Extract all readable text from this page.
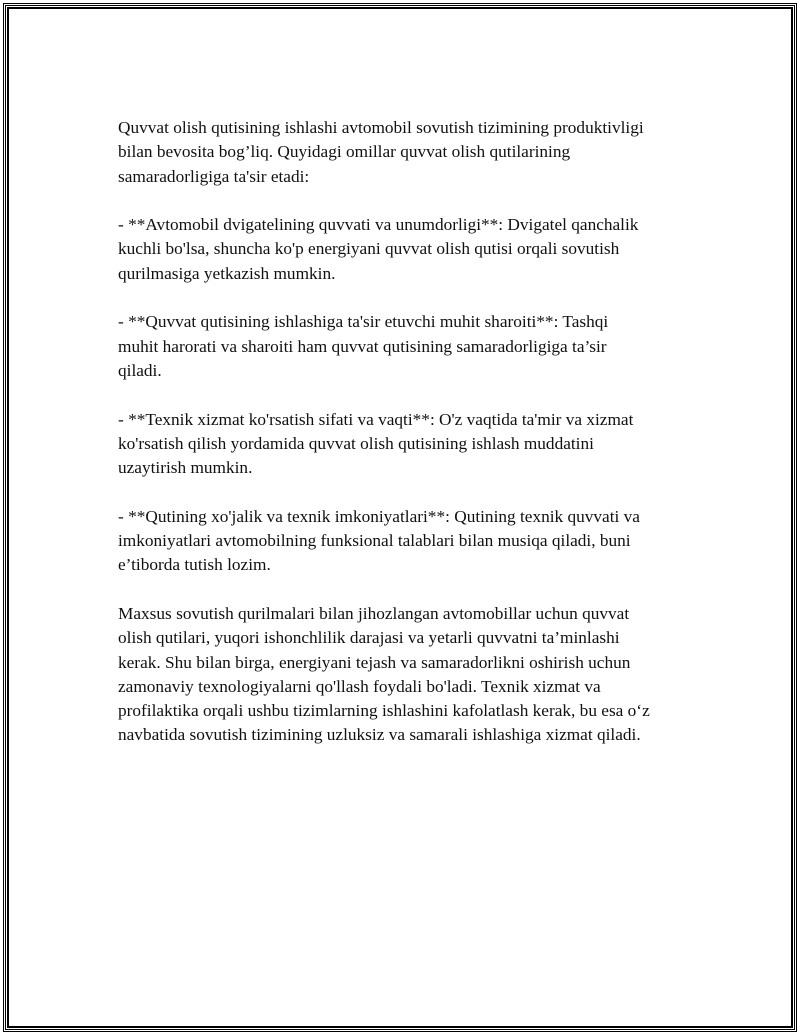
Quvvat olish qutisining ishlashi avtomobil sovutish tizimining produktivligi
bilan bevosita bog’liq. Quyidagi omillar quvvat olish qutilarining
samaradorligiga ta'sir etadi:

- **Avtomobil dvigatelining quvvati va unumdorligi**: Dvigatel qanchalik
kuchli bo'lsa, shuncha ko'p energiyani quvvat olish qutisi orqali sovutish
qurilmasiga yetkazish mumkin.

- **Quvvat qutisining ishlashiga ta'sir etuvchi muhit sharoiti**: Tashqi
muhit harorati va sharoiti ham quvvat qutisining samaradorligiga ta’sir
qiladi.

- **Texnik xizmat ko'rsatish sifati va vaqti**: O'z vaqtida ta'mir va xizmat
ko'rsatish qilish yordamida quvvat olish qutisining ishlash muddatini
uzaytirish mumkin.

- **Qutining xo'jalik va texnik imkoniyatlari**: Qutining texnik quvvati va
imkoniyatlari avtomobilning funksional talablari bilan musiqa qiladi, buni
e’tiborda tutish lozim.

Maxsus sovutish qurilmalari bilan jihozlangan avtomobillar uchun quvvat
olish qutilari, yuqori ishonchlilik darajasi va yetarli quvvatni ta’minlashi
kerak. Shu bilan birga, energiyani tejash va samaradorlikni oshirish uchun
zamonaviy texnologiyalarni qo'llash foydali bo'ladi. Texnik xizmat va
profilaktika orqali ushbu tizimlarning ishlashini kafolatlash kerak, bu esa o‘z
navbatida sovutish tizimining uzluksiz va samarali ishlashiga xizmat qiladi.
